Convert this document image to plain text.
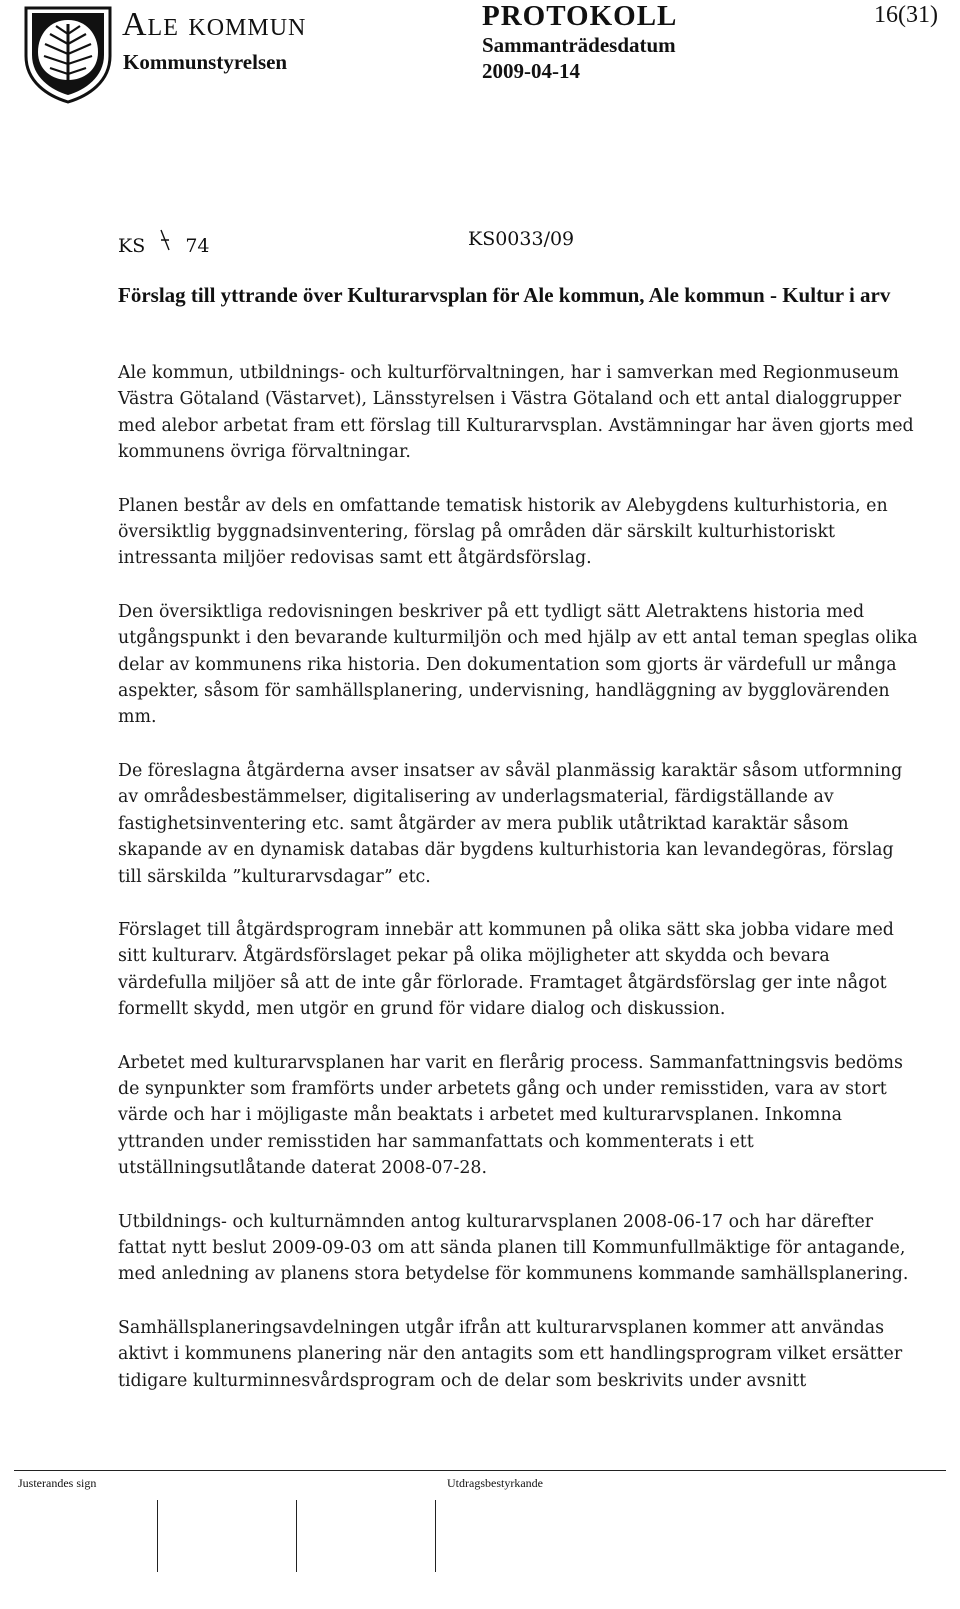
Ale kommun
Kommunstyrelsen
PROTOKOLL
Sammanträdesdatum
2009-04-14
16(31)
KS 74	KS0033/09
Förslag till yttrande över Kulturarvsplan för Ale kommun, Ale kommun - Kultur i arv

Ale kommun, utbildnings- och kulturförvaltningen, har i samverkan med Regionmuseum Västra Götaland (Västarvet), Länsstyrelsen i Västra Götaland och ett antal dialoggrupper med alebor arbetat fram ett förslag till Kulturarvsplan. Avstämningar har även gjorts med kommunens övriga förvaltningar.

Planen består av dels en omfattande tematisk historik av Alebygdens kulturhistoria, en översiktlig byggnadsinventering, förslag på områden där särskilt kulturhistoriskt intressanta miljöer redovisas samt ett åtgärdsförslag.

Den översiktliga redovisningen beskriver på ett tydligt sätt Aletraktens historia med utgångspunkt i den bevarande kulturmiljön och med hjälp av ett antal teman speglas olika delar av kommunens rika historia. Den dokumentation som gjorts är värdefull ur många aspekter, såsom för samhällsplanering, undervisning, handläggning av bygglovärenden mm.

De föreslagna åtgärderna avser insatser av såväl planmässig karaktär såsom utformning av områdesbestämmelser, digitalisering av underlagsmaterial, färdigställande av fastighetsinventering etc. samt åtgärder av mera publik utåtriktad karaktär såsom skapande av en dynamisk databas där bygdens kulturhistoria kan levandegöras, förslag till särskilda ”kulturarvsdagar” etc.

Förslaget till åtgärdsprogram innebär att kommunen på olika sätt ska jobba vidare med sitt kulturarv. Åtgärdsförslaget pekar på olika möjligheter att skydda och bevara värdefulla miljöer så att de inte går förlorade. Framtaget åtgärdsförslag ger inte något formellt skydd, men utgör en grund för vidare dialog och diskussion.

Arbetet med kulturarvsplanen har varit en flerårig process. Sammanfattningsvis bedöms de synpunkter som framförts under arbetets gång och under remisstiden, vara av stort värde och har i möjligaste mån beaktats i arbetet med kulturarvsplanen. Inkomna yttranden under remisstiden har sammanfattats och kommenterats i ett utställningsutlåtande daterat 2008-07-28.

Utbildnings- och kulturnämnden antog kulturarvsplanen 2008-06-17 och har därefter fattat nytt beslut 2009-09-03 om att sända planen till Kommunfullmäktige för antagande, med anledning av planens stora betydelse för kommunens kommande samhällsplanering.

Samhällsplaneringsavdelningen utgår ifrån att kulturarvsplanen kommer att användas aktivt i kommunens planering när den antagits som ett handlingsprogram vilket ersätter tidigare kulturminnesvårdsprogram och de delar som beskrivits under avsnitt

Justerandes sign	Utdragsbestyrkande
